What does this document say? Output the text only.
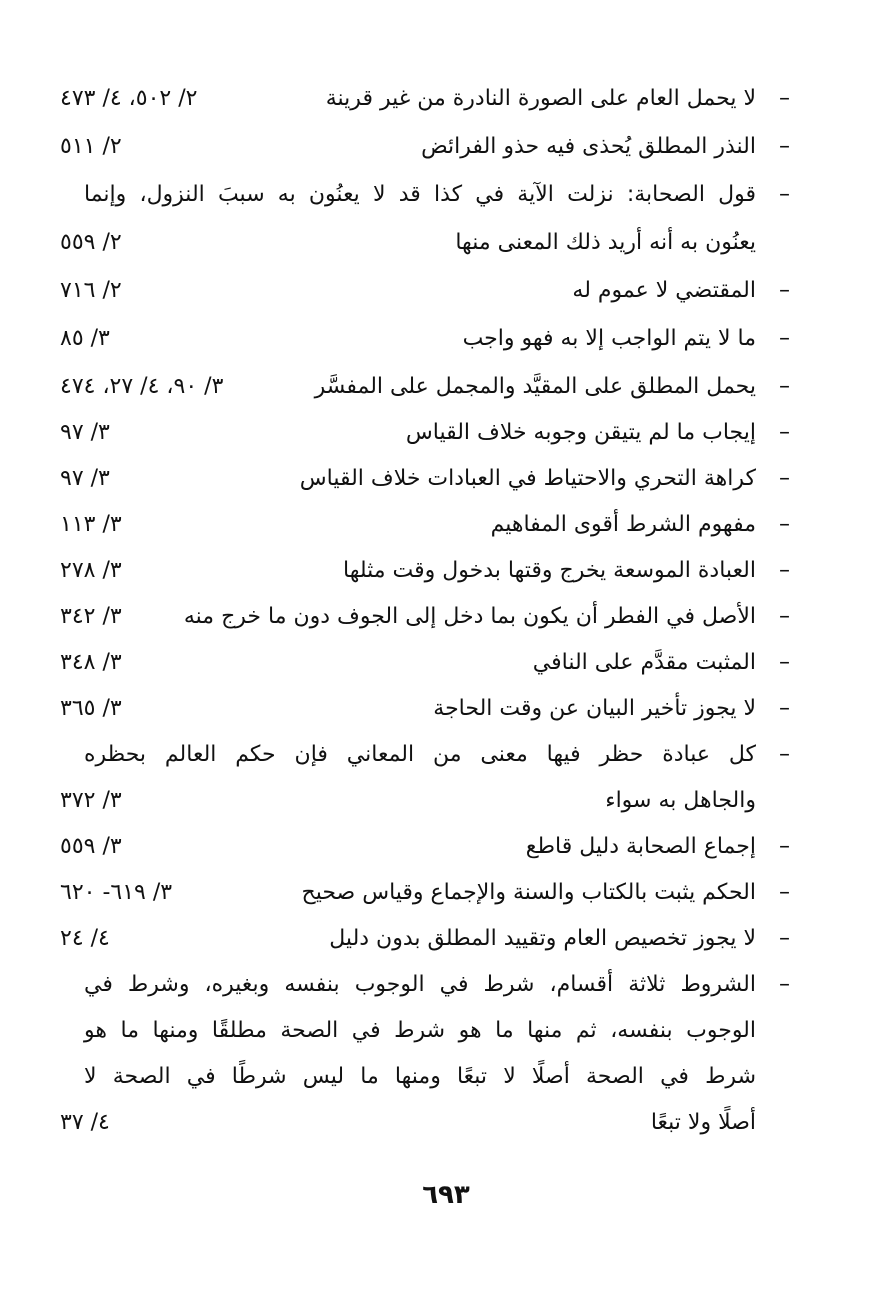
–
لا يحمل العام على الصورة النادرة من غير قرينة
٢/ ٥٠٢، ٤/ ٤٧٣
–
النذر المطلق يُحذى فيه حذو الفرائض
٢/ ٥١١
–
قول الصحابة: نزلت الآية في كذا قد لا يعنُون به سببَ النزول، وإنما
يعنُون به أنه أريد ذلك المعنى منها
٢/ ٥٥٩
–
المقتضي لا عموم له
٢/ ٧١٦
–
ما لا يتم الواجب إلا به فهو واجب
٣/ ٨٥
–
يحمل المطلق على المقيَّد والمجمل على المفسَّر
٣/ ٩٠، ٤/ ٢٧، ٤٧٤
–
إيجاب ما لم يتيقن وجوبه خلاف القياس
٣/ ٩٧
–
كراهة التحري والاحتياط في العبادات خلاف القياس
٣/ ٩٧
–
مفهوم الشرط أقوى المفاهيم
٣/ ١١٣
–
العبادة الموسعة يخرج وقتها بدخول وقت مثلها
٣/ ٢٧٨
–
الأصل في الفطر أن يكون بما دخل إلى الجوف دون ما خرج منه
٣/ ٣٤٢
–
المثبت مقدَّم على النافي
٣/ ٣٤٨
–
لا يجوز تأخير البيان عن وقت الحاجة
٣/ ٣٦٥
–
كل عبادة حظر فيها معنى من المعاني فإن حكم العالم بحظره
والجاهل به سواء
٣/ ٣٧٢
–
إجماع الصحابة دليل قاطع
٣/ ٥٥٩
–
الحكم يثبت بالكتاب والسنة والإجماع وقياس صحيح
٣/ ٦١٩- ٦٢٠
–
لا يجوز تخصيص العام وتقييد المطلق بدون دليل
٤/ ٢٤
–
الشروط ثلاثة أقسام، شرط في الوجوب بنفسه وبغيره، وشرط في
الوجوب بنفسه، ثم منها ما هو شرط في الصحة مطلقًا ومنها ما هو
شرط في الصحة أصلًا لا تبعًا ومنها ما ليس شرطًا في الصحة لا
أصلًا ولا تبعًا
٤/ ٣٧
٦٩٣
